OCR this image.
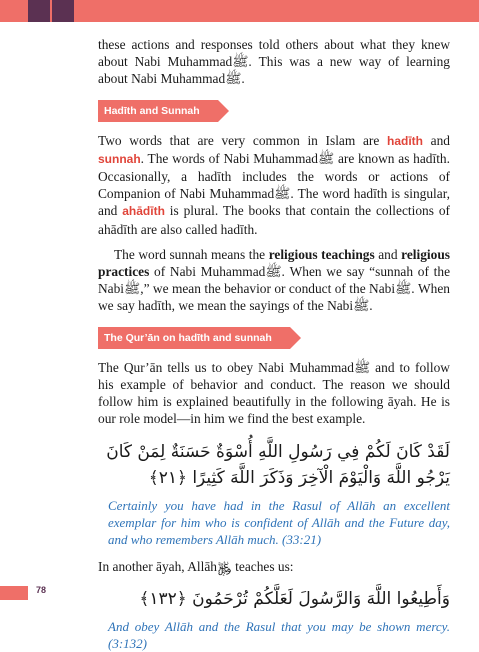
these actions and responses told others about what they knew about Nabi Muhammadﷺ. This was a new way of learning about Nabi Muhammadﷺ.

Hadīth and Sunnah

Two words that are very common in Islam are hadīth and sunnah. The words of Nabi Muhammadﷺ are known as hadīth. Occasionally, a hadīth includes the words or actions of Companion of Nabi Muhammadﷺ. The word hadīth is singular, and ahādīth is plural. The books that contain the collections of ahādīth are also called hadīth.

The word sunnah means the religious teachings and religious practices of Nabi Muhammadﷺ. When we say “sunnah of the Nabiﷺ,” we mean the behavior or conduct of the Nabiﷺ. When we say hadīth, we mean the sayings of the Nabiﷺ.

The Qur’ān on hadīth and sunnah

The Qur’ān tells us to obey Nabi Muhammadﷺ and to follow his example of behavior and conduct. The reason we should follow him is explained beautifully in the following āyah. He is our role model—in him we find the best example.

لَقَدْ كَانَ لَكُمْ فِي رَسُولِ اللَّهِ أُسْوَةٌ حَسَنَةٌ لِمَنْ كَانَ يَرْجُو اللَّهَ وَالْيَوْمَ الْآخِرَ وَذَكَرَ اللَّهَ كَثِيرًا ﴿٢١﴾

Certainly you have had in the Rasul of Allāh an excellent exemplar for him who is confident of Allāh and the Future day, and who remembers Allāh much. (33:21)

In another āyah, Allāh﷿ teaches us:

وَأَطِيعُوا اللَّهَ وَالرَّسُولَ لَعَلَّكُمْ تُرْحَمُونَ ﴿١٣٢﴾

And obey Allāh and the Rasul that you may be shown mercy. (3:132)

78
